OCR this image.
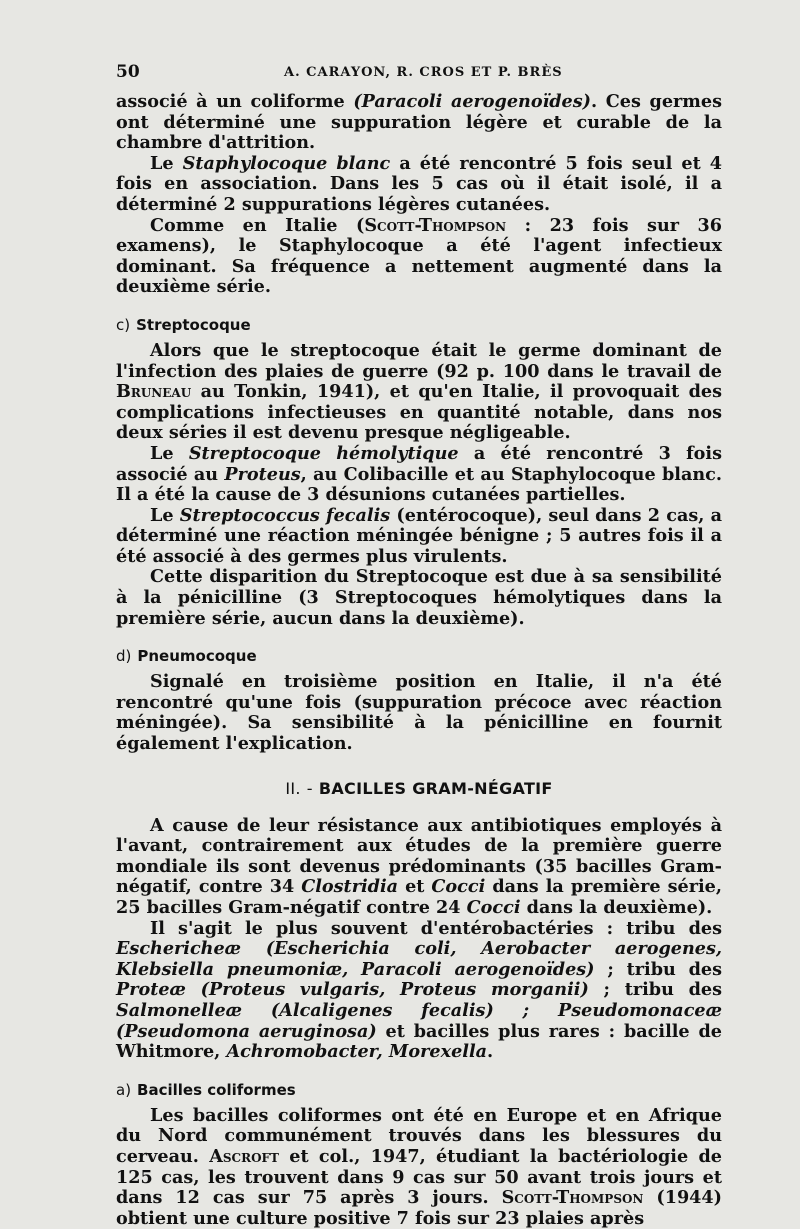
50	A. CARAYON, R. CROS ET P. BRÈS

associé à un coliforme (Paracoli aerogenoïdes). Ces germes ont déterminé une suppuration légère et curable de la chambre d'attrition.

Le Staphylocoque blanc a été rencontré 5 fois seul et 4 fois en association. Dans les 5 cas où il était isolé, il a déterminé 2 suppurations légères cutanées.

Comme en Italie (Scott-Thompson : 23 fois sur 36 examens), le Staphylocoque a été l'agent infectieux dominant. Sa fréquence a nettement augmenté dans la deuxième série.

c) Streptocoque

Alors que le streptocoque était le germe dominant de l'infection des plaies de guerre (92 p. 100 dans le travail de Bruneau au Tonkin, 1941), et qu'en Italie, il provoquait des complications infectieuses en quantité notable, dans nos deux séries il est devenu presque négligeable.

Le Streptocoque hémolytique a été rencontré 3 fois associé au Proteus, au Colibacille et au Staphylocoque blanc. Il a été la cause de 3 désunions cutanées partielles.

Le Streptococcus fecalis (entérocoque), seul dans 2 cas, a déterminé une réaction méningée bénigne ; 5 autres fois il a été associé à des germes plus virulents.

Cette disparition du Streptocoque est due à sa sensibilité à la pénicilline (3 Streptocoques hémolytiques dans la première série, aucun dans la deuxième).

d) Pneumocoque

Signalé en troisième position en Italie, il n'a été rencontré qu'une fois (suppuration précoce avec réaction méningée). Sa sensibilité à la pénicilline en fournit également l'explication.

II. - BACILLES GRAM-NÉGATIF

A cause de leur résistance aux antibiotiques employés à l'avant, contrairement aux études de la première guerre mondiale ils sont devenus prédominants (35 bacilles Gram-négatif, contre 34 Clostridia et Cocci dans la première série, 25 bacilles Gram-négatif contre 24 Cocci dans la deuxième).

Il s'agit le plus souvent d'entérobactéries : tribu des Escherichеæ (Escherichia coli, Aerobacter aerogenes, Klebsiella pneumoniæ, Paracoli aerogenoïdes) ; tribu des Proteæ (Proteus vulgaris, Proteus morganii) ; tribu des Salmonelleæ (Alcaligenes fecalis) ; Pseudomonaceæ (Pseudomona aeruginosa) et bacilles plus rares : bacille de Whitmore, Achromobacter, Morexella.

a) Bacilles coliformes

Les bacilles coliformes ont été en Europe et en Afrique du Nord communément trouvés dans les blessures du cerveau. Ascroft et col., 1947, étudiant la bactériologie de 125 cas, les trouvent dans 9 cas sur 50 avant trois jours et dans 12 cas sur 75 après 3 jours. Scott-Thompson (1944) obtient une culture positive 7 fois sur 23 plaies après
